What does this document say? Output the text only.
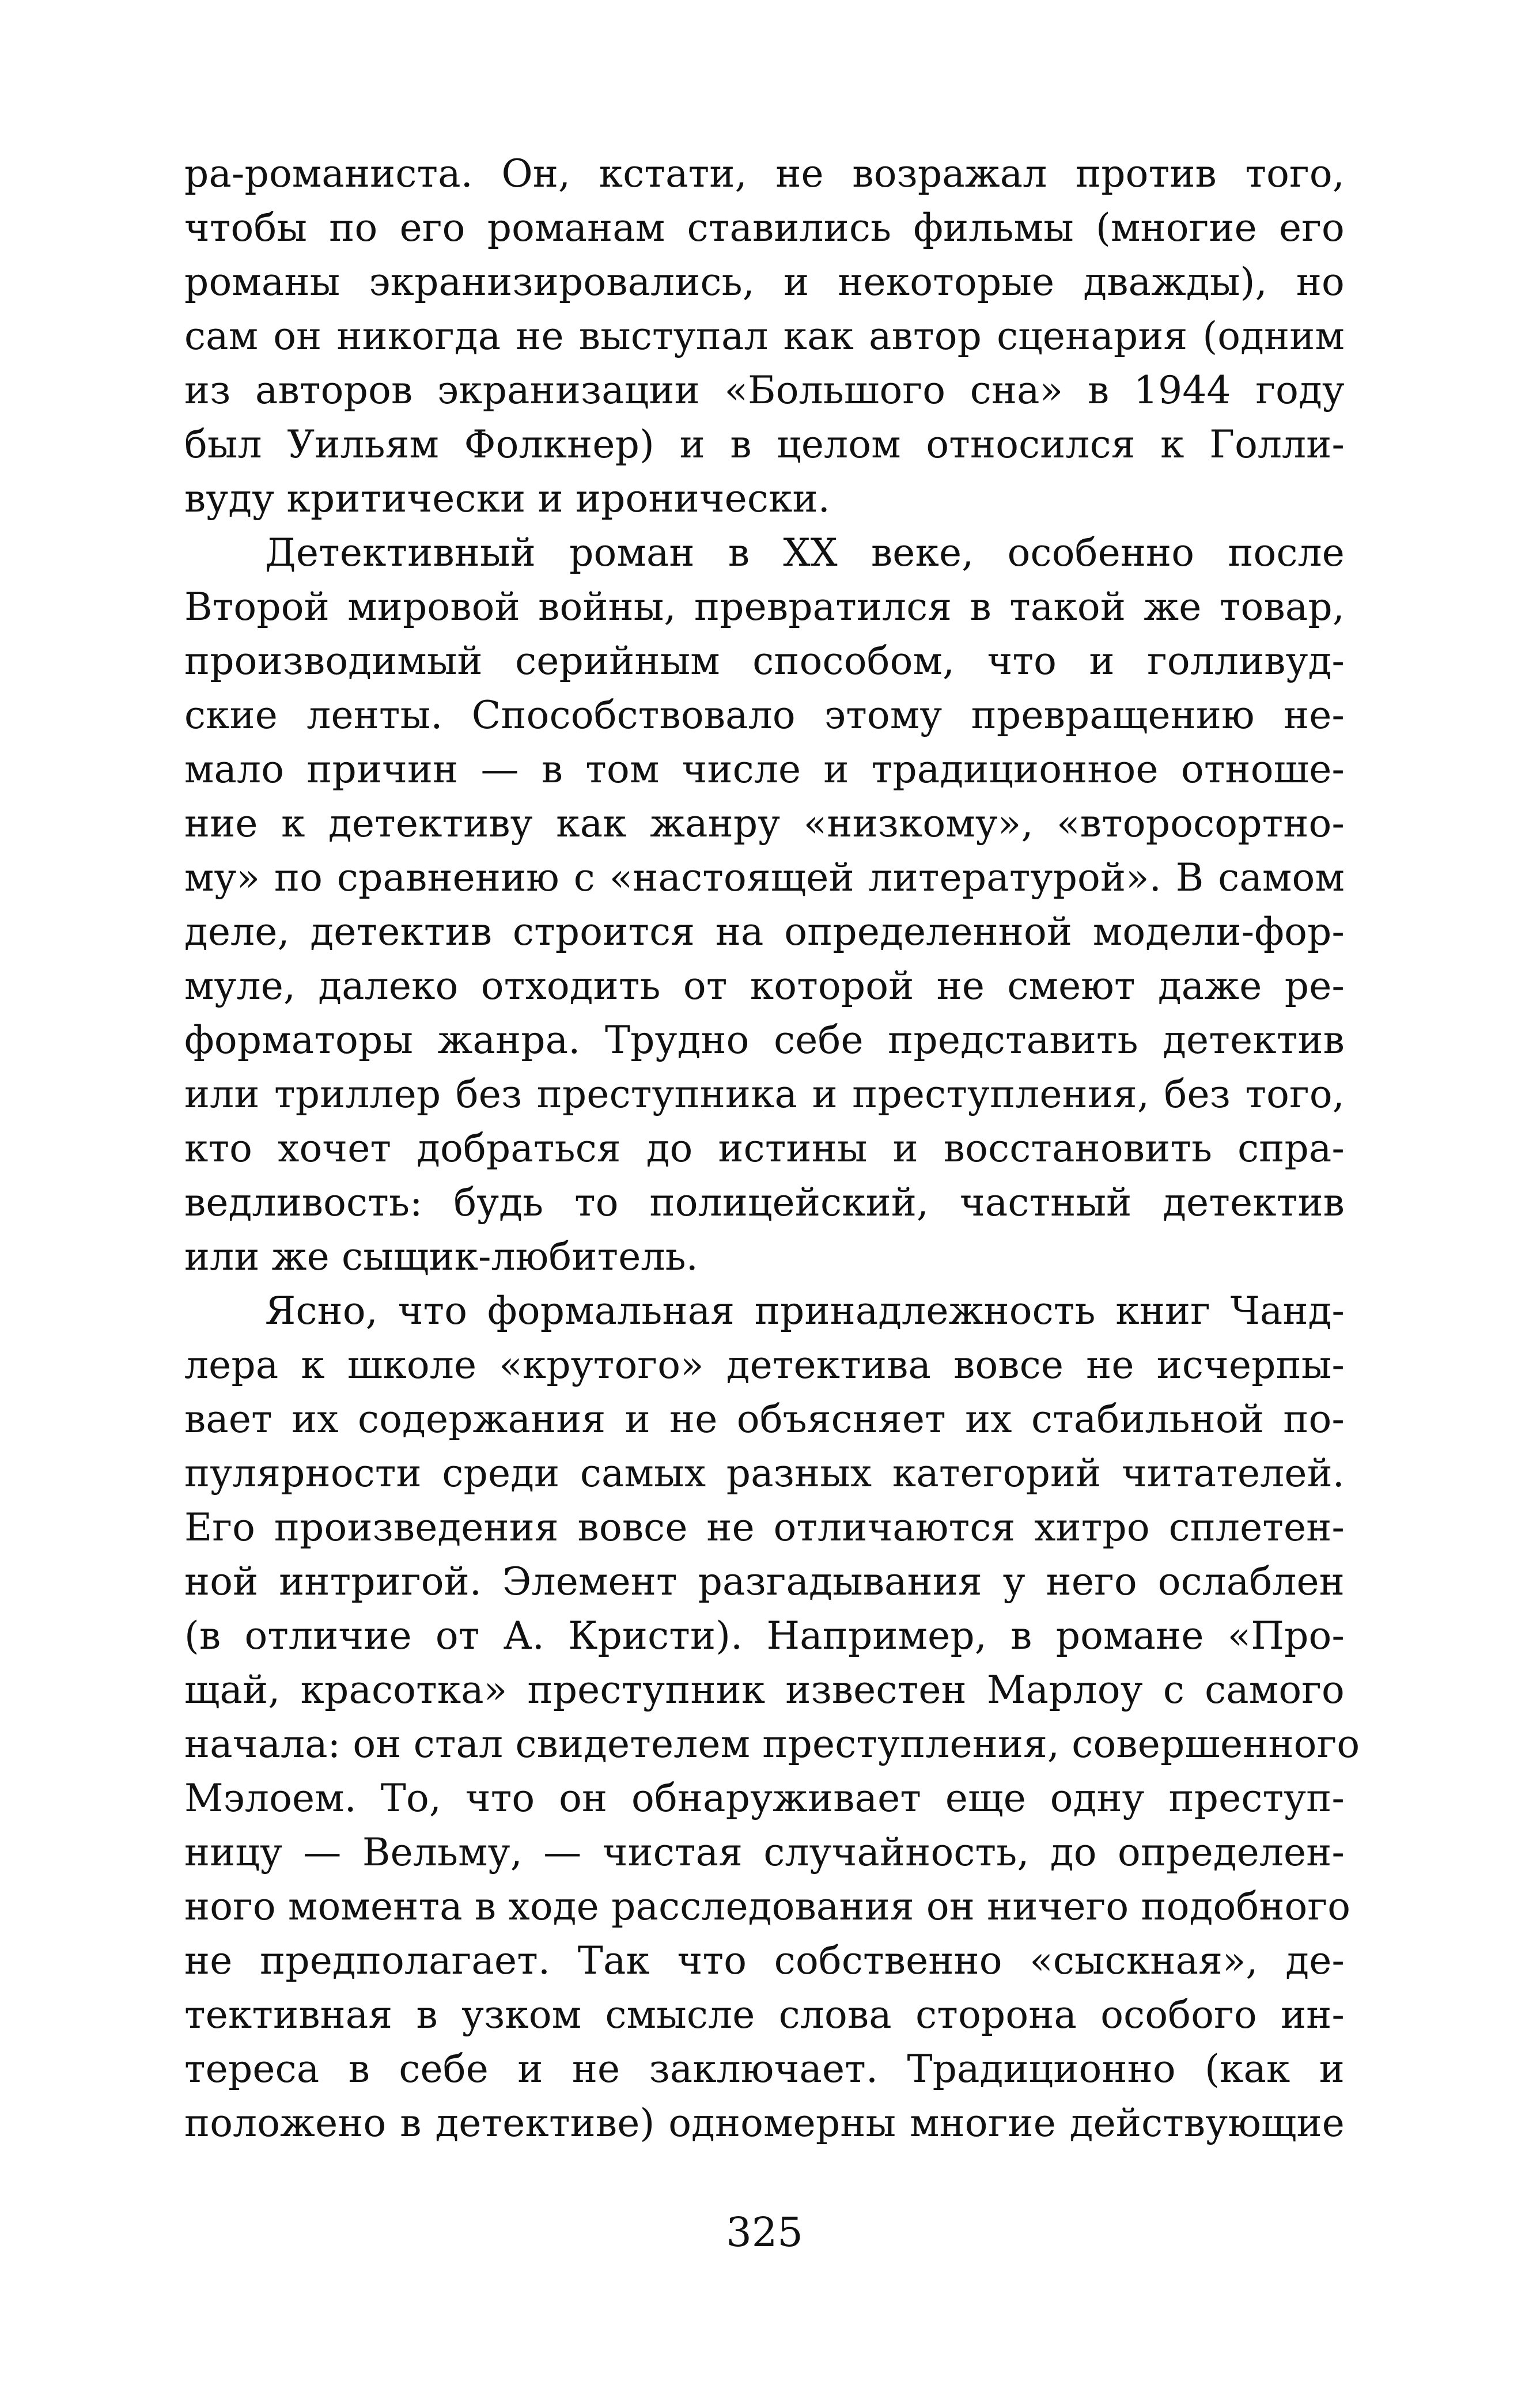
ра-романиста. Он, кстати, не возражал против того,
чтобы по его романам ставились фильмы (многие его
романы экранизировались, и некоторые дважды), но
сам он никогда не выступал как автор сценария (одним
из авторов экранизации «Большого сна» в 1944 году
был Уильям Фолкнер) и в целом относился к Голли-
вуду критически и иронически.
Детективный роман в XX веке, особенно после
Второй мировой войны, превратился в такой же товар,
производимый серийным способом, что и голливуд-
ские ленты. Способствовало этому превращению не-
мало причин — в том числе и традиционное отноше-
ние к детективу как жанру «низкому», «второсортно-
му» по сравнению с «настоящей литературой». В самом
деле, детектив строится на определенной модели-фор-
муле, далеко отходить от которой не смеют даже ре-
форматоры жанра. Трудно себе представить детектив
или триллер без преступника и преступления, без того,
кто хочет добраться до истины и восстановить спра-
ведливость: будь то полицейский, частный детектив
или же сыщик-любитель.
Ясно, что формальная принадлежность книг Чанд-
лера к школе «крутого» детектива вовсе не исчерпы-
вает их содержания и не объясняет их стабильной по-
пулярности среди самых разных категорий читателей.
Его произведения вовсе не отличаются хитро сплетен-
ной интригой. Элемент разгадывания у него ослаблен
(в отличие от А. Кристи). Например, в романе «Про-
щай, красотка» преступник известен Марлоу с самого
начала: он стал свидетелем преступления, совершенного
Мэлоем. То, что он обнаруживает еще одну преступ-
ницу — Вельму, — чистая случайность, до определен-
ного момента в ходе расследования он ничего подобного
не предполагает. Так что собственно «сыскная», де-
тективная в узком смысле слова сторона особого ин-
тереса в себе и не заключает. Традиционно (как и
положено в детективе) одномерны многие действующие
325
